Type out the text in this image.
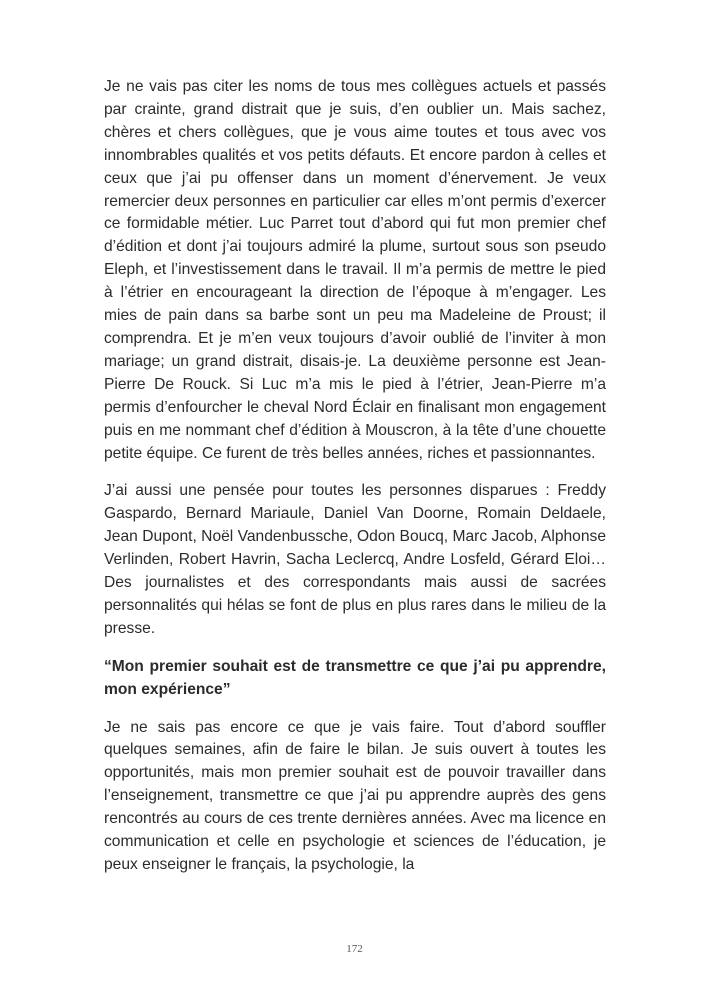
Je ne vais pas citer les noms de tous mes collègues actuels et passés par crainte, grand distrait que je suis, d’en oublier un. Mais sachez, chères et chers collègues, que je vous aime toutes et tous avec vos innombrables qualités et vos petits défauts. Et encore pardon à celles et ceux que j’ai pu offenser dans un moment d’énervement. Je veux remercier deux personnes en particulier car elles m’ont permis d’exercer ce formidable métier. Luc Parret tout d’abord qui fut mon premier chef d’édition et dont j’ai toujours admiré la plume, surtout sous son pseudo Eleph, et l’investissement dans le travail. Il m’a permis de mettre le pied à l’étrier en encourageant la direction de l’époque à m’engager. Les mies de pain dans sa barbe sont un peu ma Madeleine de Proust; il comprendra. Et je m’en veux toujours d’avoir oublié de l’inviter à mon mariage; un grand distrait, disais-je. La deuxième personne est Jean-Pierre De Rouck. Si Luc m’a mis le pied à l’étrier, Jean-Pierre m’a permis d’enfourcher le cheval Nord Éclair en finalisant mon engagement puis en me nommant chef d’édition à Mouscron, à la tête d’une chouette petite équipe. Ce furent de très belles années, riches et passionnantes.

J’ai aussi une pensée pour toutes les personnes disparues : Freddy Gaspardo, Bernard Mariaule, Daniel Van Doorne, Romain Deldaele, Jean Dupont, Noël Vandenbussche, Odon Boucq, Marc Jacob, Alphonse Verlinden, Robert Havrin, Sacha Leclercq, Andre Losfeld, Gérard Eloi… Des journalistes et des correspondants mais aussi de sacrées personnalités qui hélas se font de plus en plus rares dans le milieu de la presse.

“Mon premier souhait est de transmettre ce que j’ai pu apprendre, mon expérience”

Je ne sais pas encore ce que je vais faire. Tout d’abord souffler quelques semaines, afin de faire le bilan. Je suis ouvert à toutes les opportunités, mais mon premier souhait est de pouvoir travailler dans l’enseignement, transmettre ce que j’ai pu apprendre auprès des gens rencontrés au cours de ces trente dernières années. Avec ma licence en communication et celle en psychologie et sciences de l’éducation, je peux enseigner le français, la psychologie, la

172
